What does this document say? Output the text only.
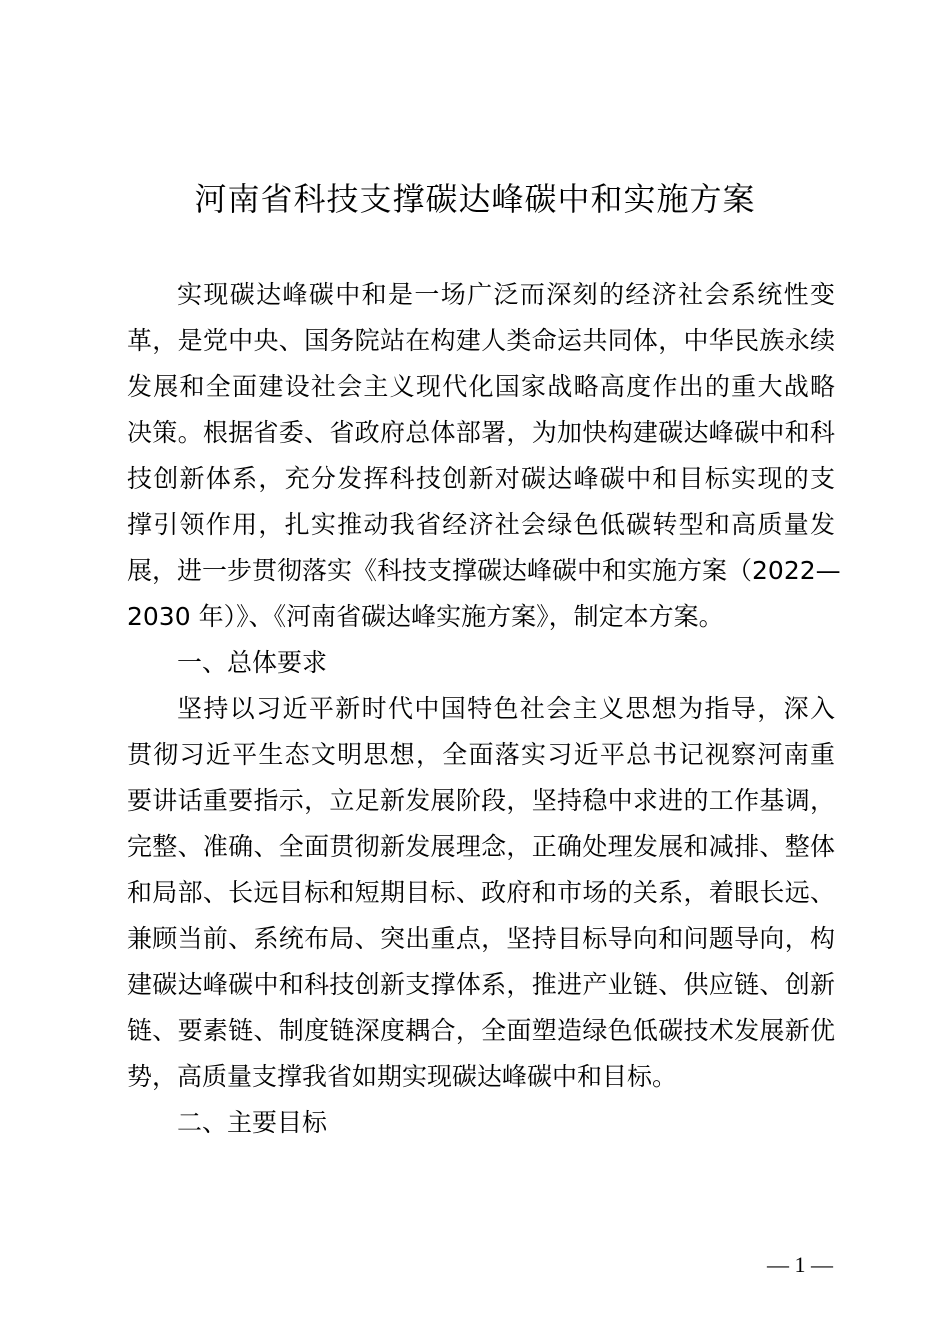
河南省科技支撑碳达峰碳中和实施方案
实现碳达峰碳中和是一场广泛而深刻的经济社会系统性变
革，是党中央、国务院站在构建人类命运共同体，中华民族永续
发展和全面建设社会主义现代化国家战略高度作出的重大战略
决策。根据省委、省政府总体部署，为加快构建碳达峰碳中和科
技创新体系，充分发挥科技创新对碳达峰碳中和目标实现的支
撑引领作用，扎实推动我省经济社会绿色低碳转型和高质量发
展，进一步贯彻落实《科技支撑碳达峰碳中和实施方案（2022—
2030 年）》、《河南省碳达峰实施方案》，制定本方案。
一、总体要求
坚持以习近平新时代中国特色社会主义思想为指导，深入
贯彻习近平生态文明思想，全面落实习近平总书记视察河南重
要讲话重要指示，立足新发展阶段，坚持稳中求进的工作基调，
完整、准确、全面贯彻新发展理念，正确处理发展和减排、整体
和局部、长远目标和短期目标、政府和市场的关系，着眼长远、
兼顾当前、系统布局、突出重点，坚持目标导向和问题导向，构
建碳达峰碳中和科技创新支撑体系，推进产业链、供应链、创新
链、要素链、制度链深度耦合，全面塑造绿色低碳技术发展新优
势，高质量支撑我省如期实现碳达峰碳中和目标。
二、主要目标
— 1 —
